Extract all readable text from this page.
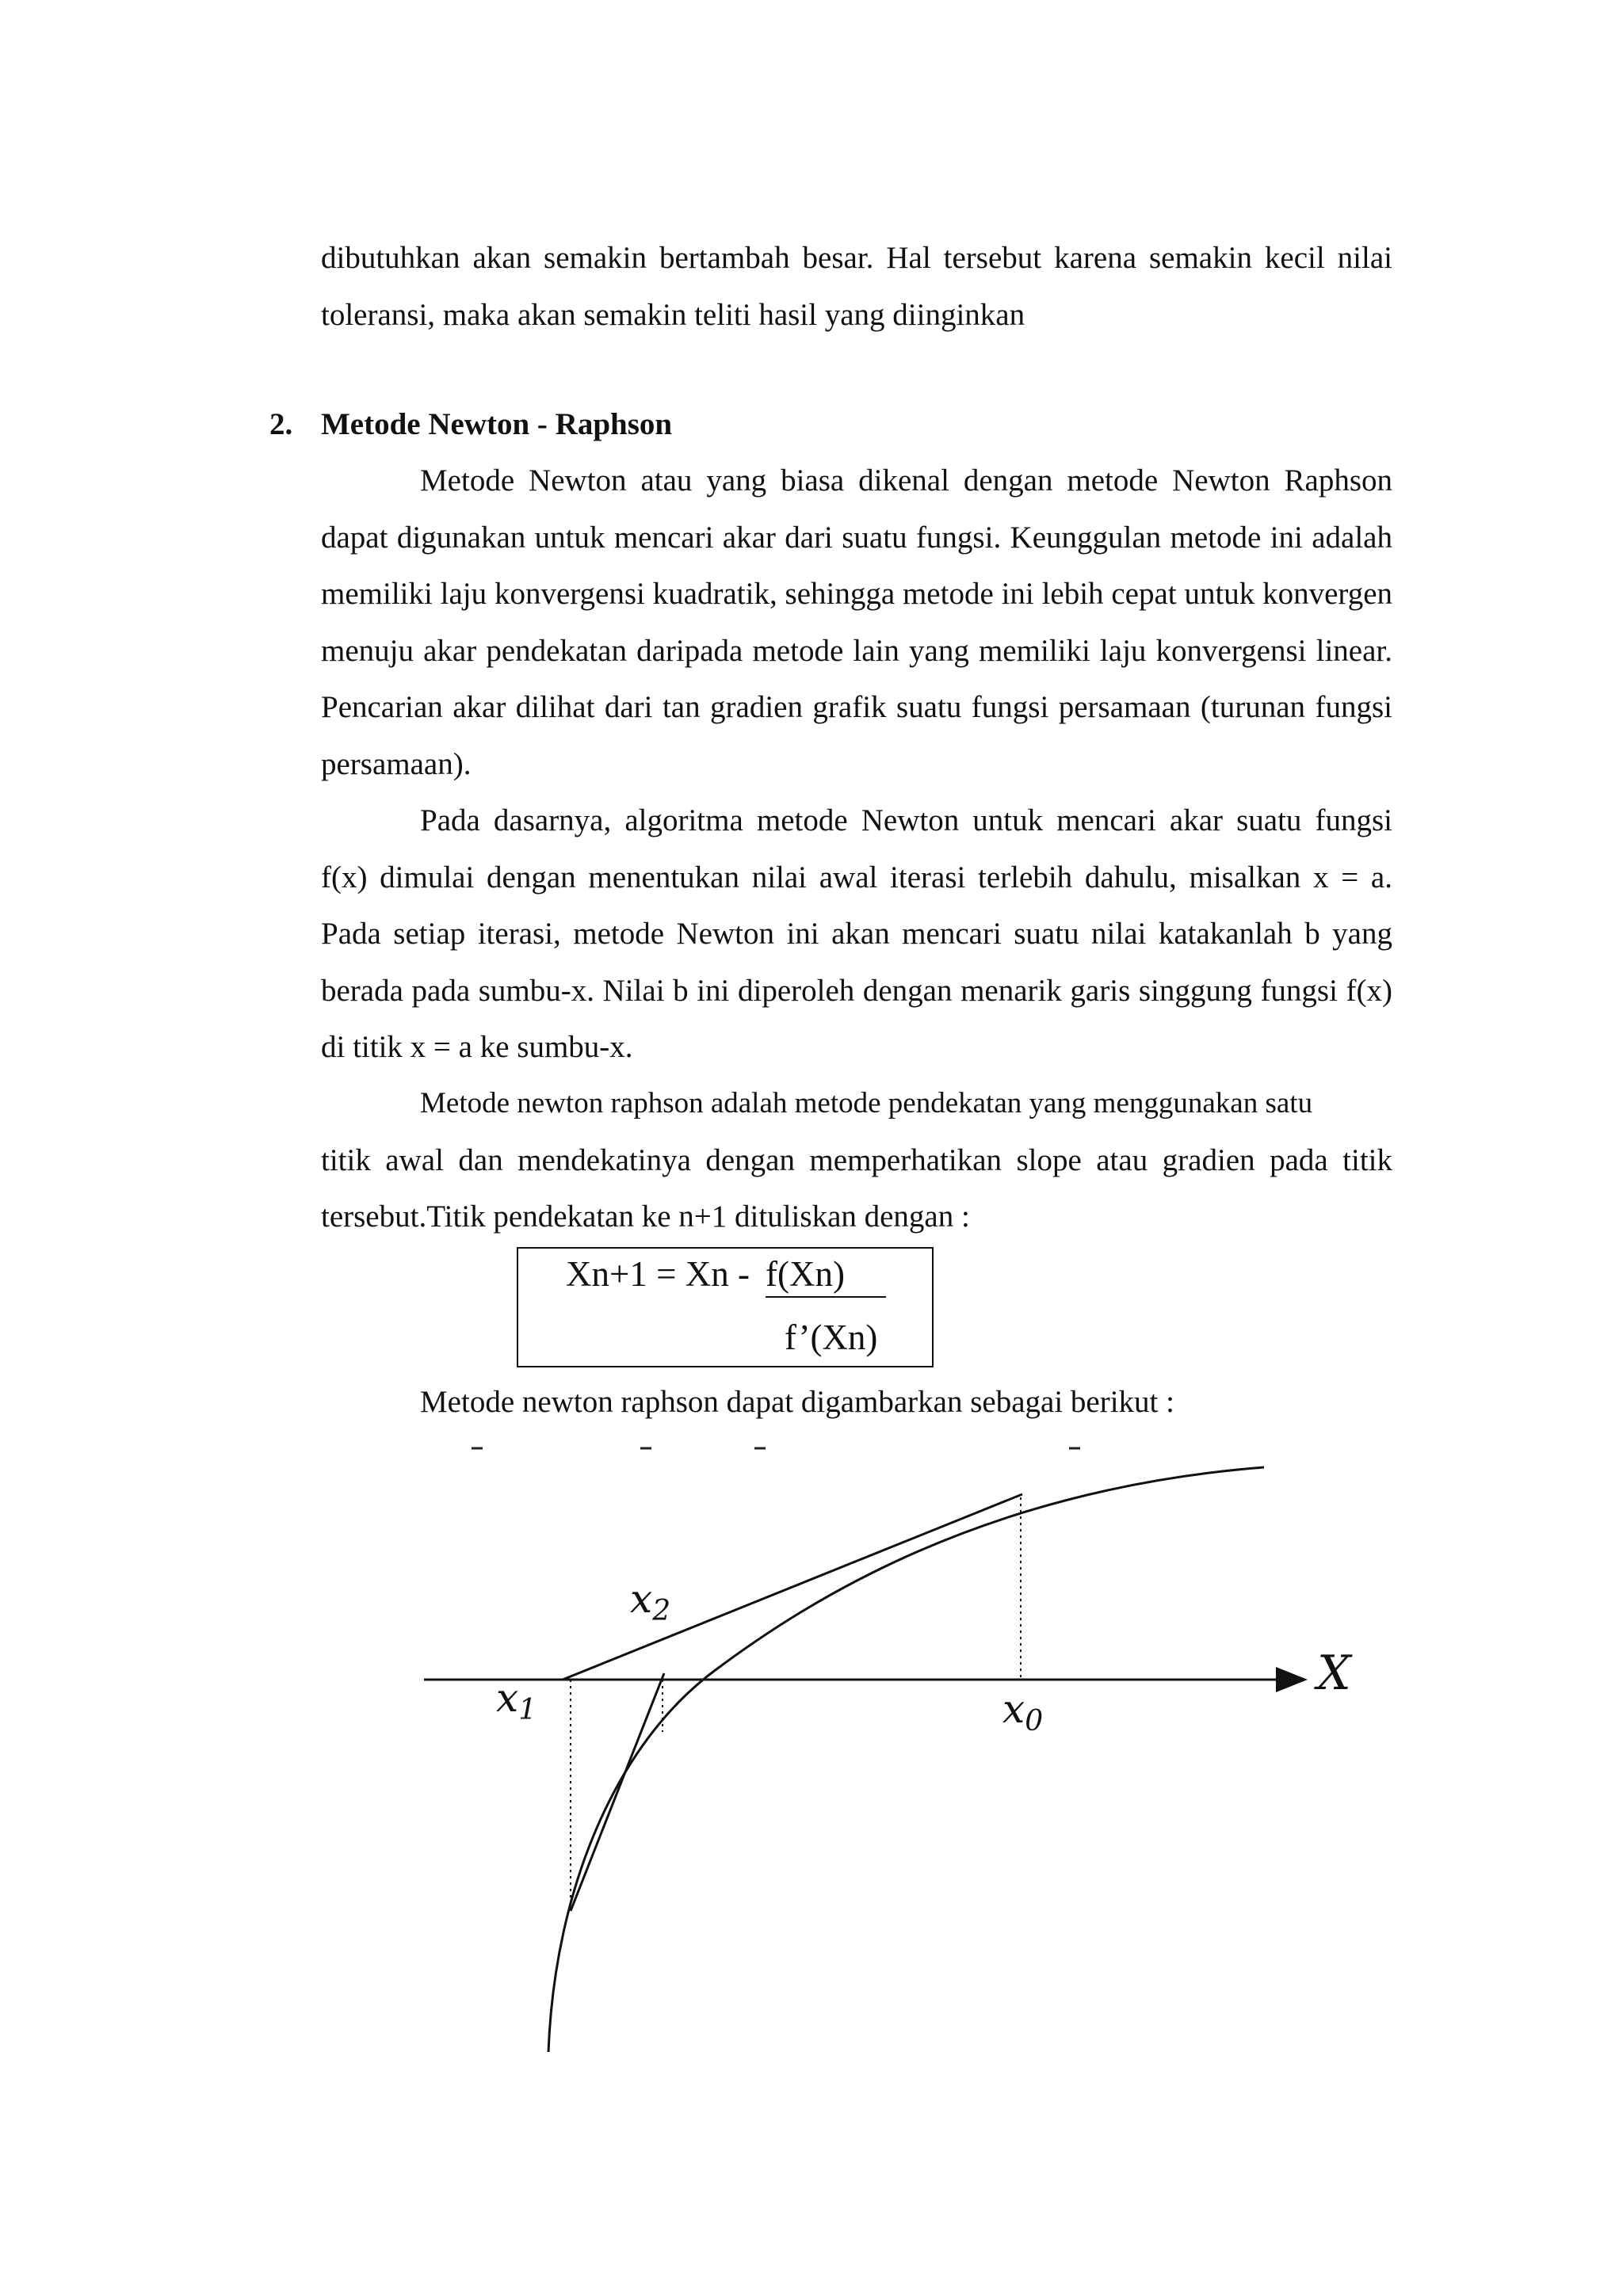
dibutuhkan akan semakin bertambah besar. Hal tersebut karena semakin kecil nilai toleransi, maka akan semakin teliti hasil yang diinginkan

2. Metode Newton - Raphson

Metode Newton atau yang biasa dikenal dengan metode Newton Raphson dapat digunakan untuk mencari akar dari suatu fungsi. Keunggulan metode ini adalah memiliki laju konvergensi kuadratik, sehingga metode ini lebih cepat untuk konvergen menuju akar pendekatan daripada metode lain yang memiliki laju konvergensi linear. Pencarian akar dilihat dari tan gradien grafik suatu fungsi persamaan (turunan fungsi persamaan).

Pada dasarnya, algoritma metode Newton untuk mencari akar suatu fungsi f(x) dimulai dengan menentukan nilai awal iterasi terlebih dahulu, misalkan x = a. Pada setiap iterasi, metode Newton ini akan mencari suatu nilai katakanlah b yang berada pada sumbu-x. Nilai b ini diperoleh dengan menarik garis singgung fungsi f(x) di titik x = a ke sumbu-x.

Metode newton raphson adalah metode pendekatan yang menggunakan satu

titik awal dan mendekatinya dengan memperhatikan slope atau gradien pada titik tersebut.Titik pendekatan ke n+1 dituliskan dengan :

Xn+1 = Xn - f(Xn)
f’(Xn)
Metode newton raphson dapat digambarkan sebagai berikut :
X
$x_0$
$x_1$
$x_2$
